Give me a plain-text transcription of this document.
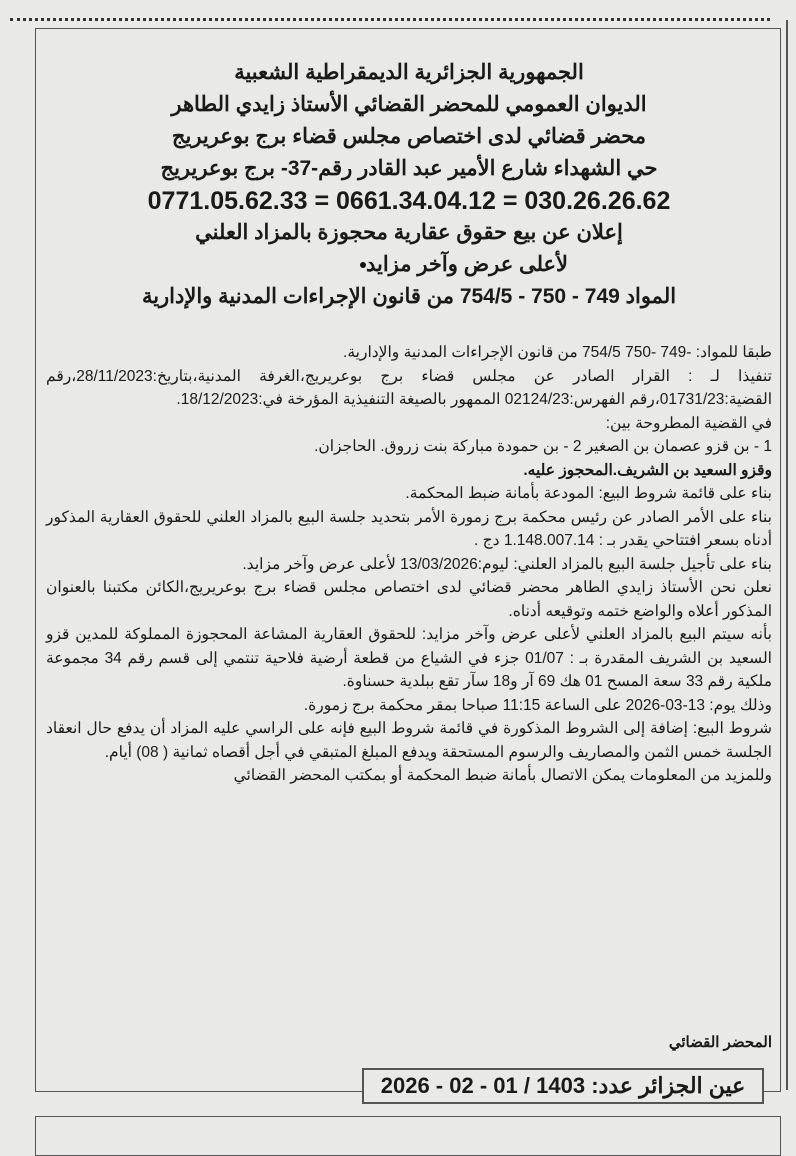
الجمهورية الجزائرية الديمقراطية الشعبية
الديوان العمومي للمحضر القضائي الأستاذ زايدي الطاهر
محضر قضائي لدى اختصاص مجلس قضاء برج بوعريريج
حي الشهداء شارع الأمير عبد القادر رقم-37- برج بوعريريج
0771.05.62.33 = 0661.34.04.12 = 030.26.26.62
إعلان عن بيع حقوق عقارية محجوزة بالمزاد العلني
لأعلى عرض وآخر مزايد
المواد 749 - 750 - 754/5 من قانون الإجراءات المدنية والإدارية

طبقا للمواد: -749 -750 754/5 من قانون الإجراءات المدنية والإدارية.

تنفيذا لـ : القرار الصادر عن مجلس قضاء برج بوعريريج،الغرفة المدنية،بتاريخ:28/11/2023،رقم القضية:01731/23،رقم الفهرس:02124/23 الممهور بالصيغة التنفيذية المؤرخة في:18/12/2023.

في القضية المطروحة بين:

1 - بن قزو عصمان بن الصغير 2 - بن حمودة مباركة بنت زروق. الحاجزان.

وقزو السعيد بن الشريف.المحجوز عليه.

بناء على قائمة شروط البيع: المودعة بأمانة ضبط المحكمة.

بناء على الأمر الصادر عن رئيس محكمة برج زمورة الأمر بتحديد جلسة البيع بالمزاد العلني للحقوق العقارية المذكور أدناه بسعر افتتاحي يقدر بـ : 1.148.007.14 دج .

بناء على تأجيل جلسة البيع بالمزاد العلني: ليوم:13/03/2026 لأعلى عرض وآخر مزايد.

نعلن نحن الأستاذ زايدي الطاهر محضر قضائي لدى اختصاص مجلس قضاء برج بوعريريج،الكائن مكتبنا بالعنوان المذكور أعلاه والواضع ختمه وتوقيعه أدناه.

بأنه سيتم البيع بالمزاد العلني لأعلى عرض وآخر مزايد: للحقوق العقارية المشاعة المحجوزة المملوكة للمدين قزو السعيد بن الشريف المقدرة بـ : 01/07 جزء في الشياع من قطعة أرضية فلاحية تنتمي إلى قسم رقم 34 مجموعة ملكية رقم 33 سعة المسح 01 هك 69 آر و18 سآر تقع ببلدية حسناوة.

وذلك يوم: 13-03-2026 على الساعة 11:15 صباحا بمقر محكمة برج زمورة.

شروط البيع: إضافة إلى الشروط المذكورة في قائمة شروط البيع فإنه على الراسي عليه المزاد أن يدفع حال انعقاد الجلسة خمس الثمن والمصاريف والرسوم المستحقة ويدفع المبلغ المتبقي في أجل أقصاه ثمانية ( 08) أيام.

وللمزيد من المعلومات يمكن الاتصال بأمانة ضبط المحكمة أو بمكتب المحضر القضائي

المحضر القضائي
عين الجزائر عدد: 1403 / 01 - 02 - 2026
